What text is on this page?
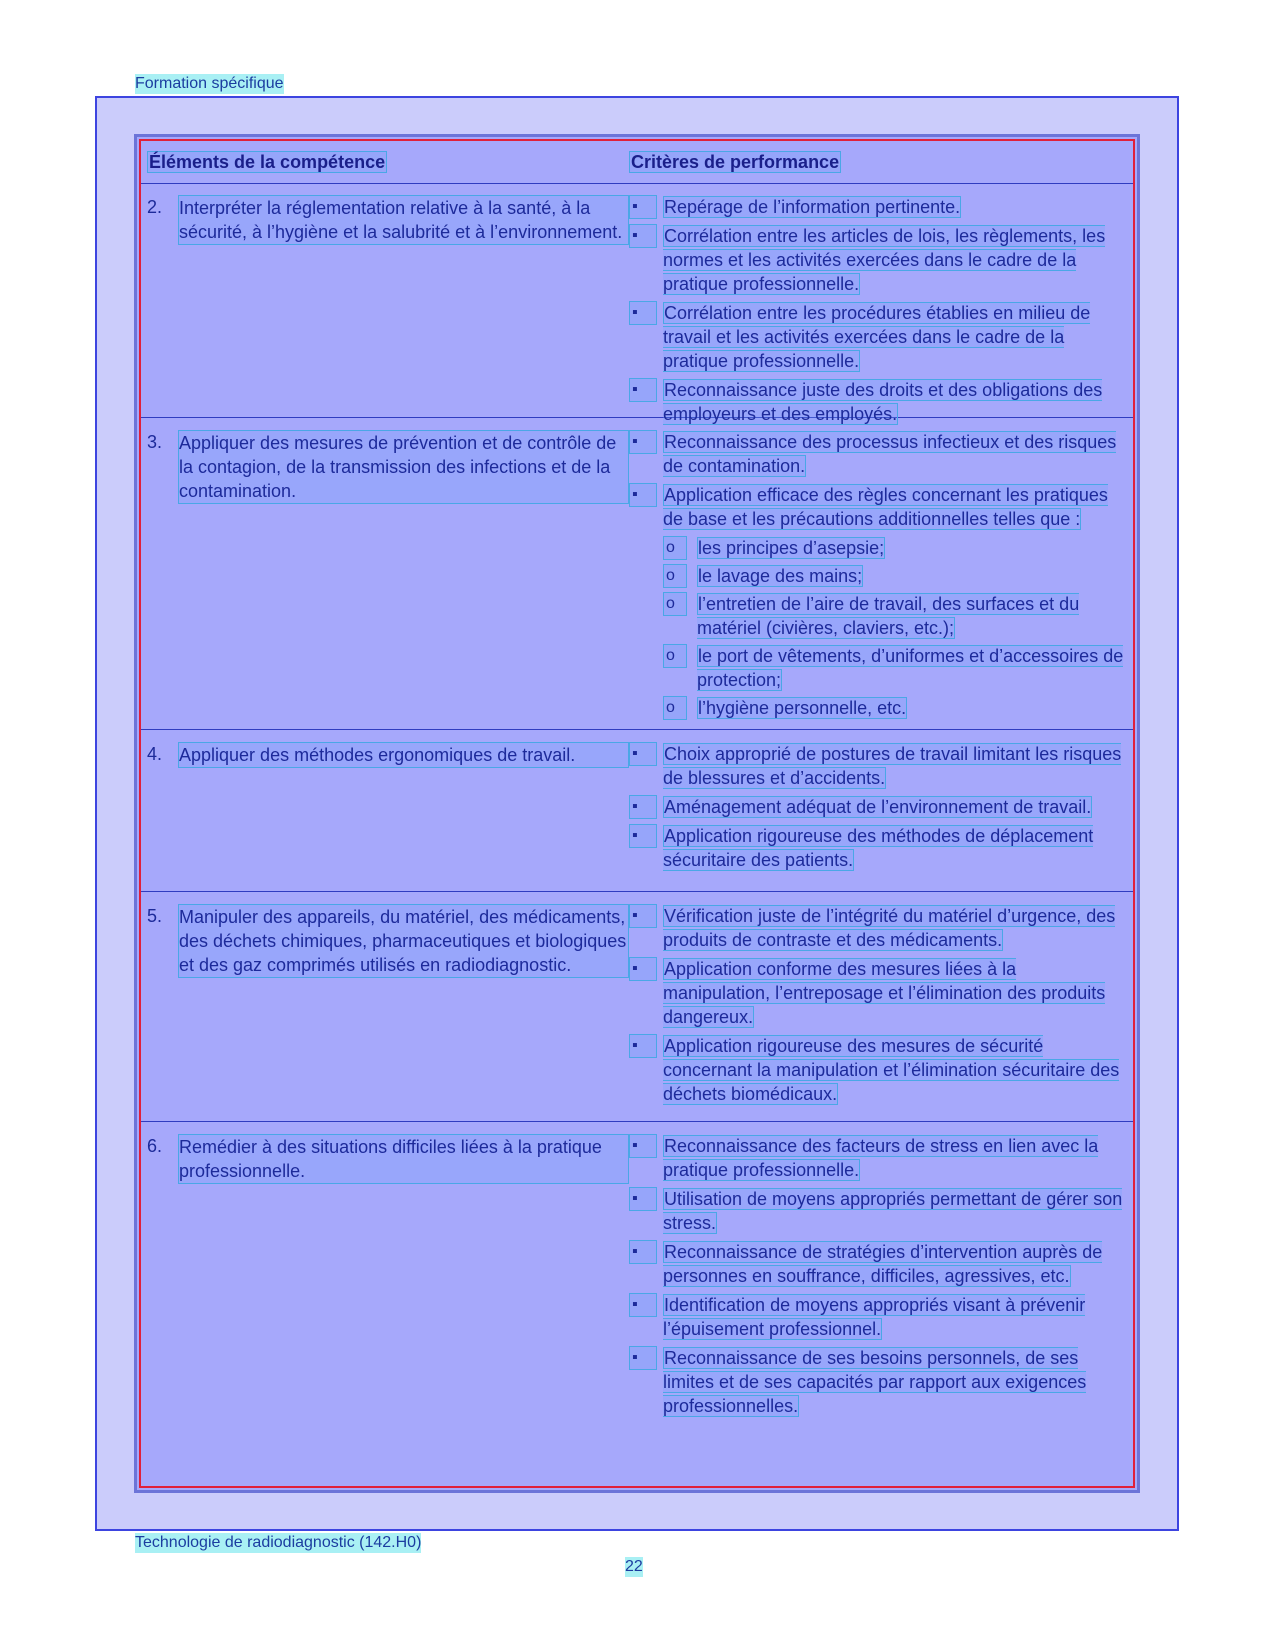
Formation spécifique
Éléments de la compétence	Critères de performance
2. Interpréter la réglementation relative à la santé, à la sécurité, à l’hygiène et la salubrité et à l’environnement.
▪ Repérage de l’information pertinente.
▪ Corrélation entre les articles de lois, les règlements, les normes et les activités exercées dans le cadre de la pratique professionnelle.
▪ Corrélation entre les procédures établies en milieu de travail et les activités exercées dans le cadre de la pratique professionnelle.
▪ Reconnaissance juste des droits et des obligations des employeurs et des employés.
3. Appliquer des mesures de prévention et de contrôle de la contagion, de la transmission des infections et de la contamination.
▪ Reconnaissance des processus infectieux et des risques de contamination.
▪ Application efficace des règles concernant les pratiques de base et les précautions additionnelles telles que :
o les principes d’asepsie;
o le lavage des mains;
o l’entretien de l’aire de travail, des surfaces et du matériel (civières, claviers, etc.);
o le port de vêtements, d’uniformes et d’accessoires de protection;
o l’hygiène personnelle, etc.
4. Appliquer des méthodes ergonomiques de travail.
▪	Choix approprié de postures de travail limitant les risques de blessures et d’accidents.
▪ Aménagement adéquat de l’environnement de travail.
▪ Application rigoureuse des méthodes de déplacement sécuritaire des patients.
5. Manipuler des appareils, du matériel, des médicaments, des déchets chimiques, pharmaceutiques et biologiques et des gaz comprimés utilisés en radiodiagnostic.
▪ Vérification juste de l’intégrité du matériel d’urgence, des produits de contraste et des médicaments.
▪ Application conforme des mesures liées à la manipulation, l’entreposage et l’élimination des produits dangereux.
▪ Application rigoureuse des mesures de sécurité concernant la manipulation et l’élimination sécuritaire des déchets biomédicaux.
6. Remédier à des situations difficiles liées à la pratique professionnelle.
▪ Reconnaissance des facteurs de stress en lien avec la pratique professionnelle.
▪ Utilisation de moyens appropriés permettant de gérer son stress.
▪ Reconnaissance de stratégies d’intervention auprès de personnes en souffrance, difficiles, agressives, etc.
▪ Identification de moyens appropriés visant à prévenir l’épuisement professionnel.
▪ Reconnaissance de ses besoins personnels, de ses limites et de ses capacités par rapport aux exigences professionnelles.
Technologie de radiodiagnostic (142.H0)
22
